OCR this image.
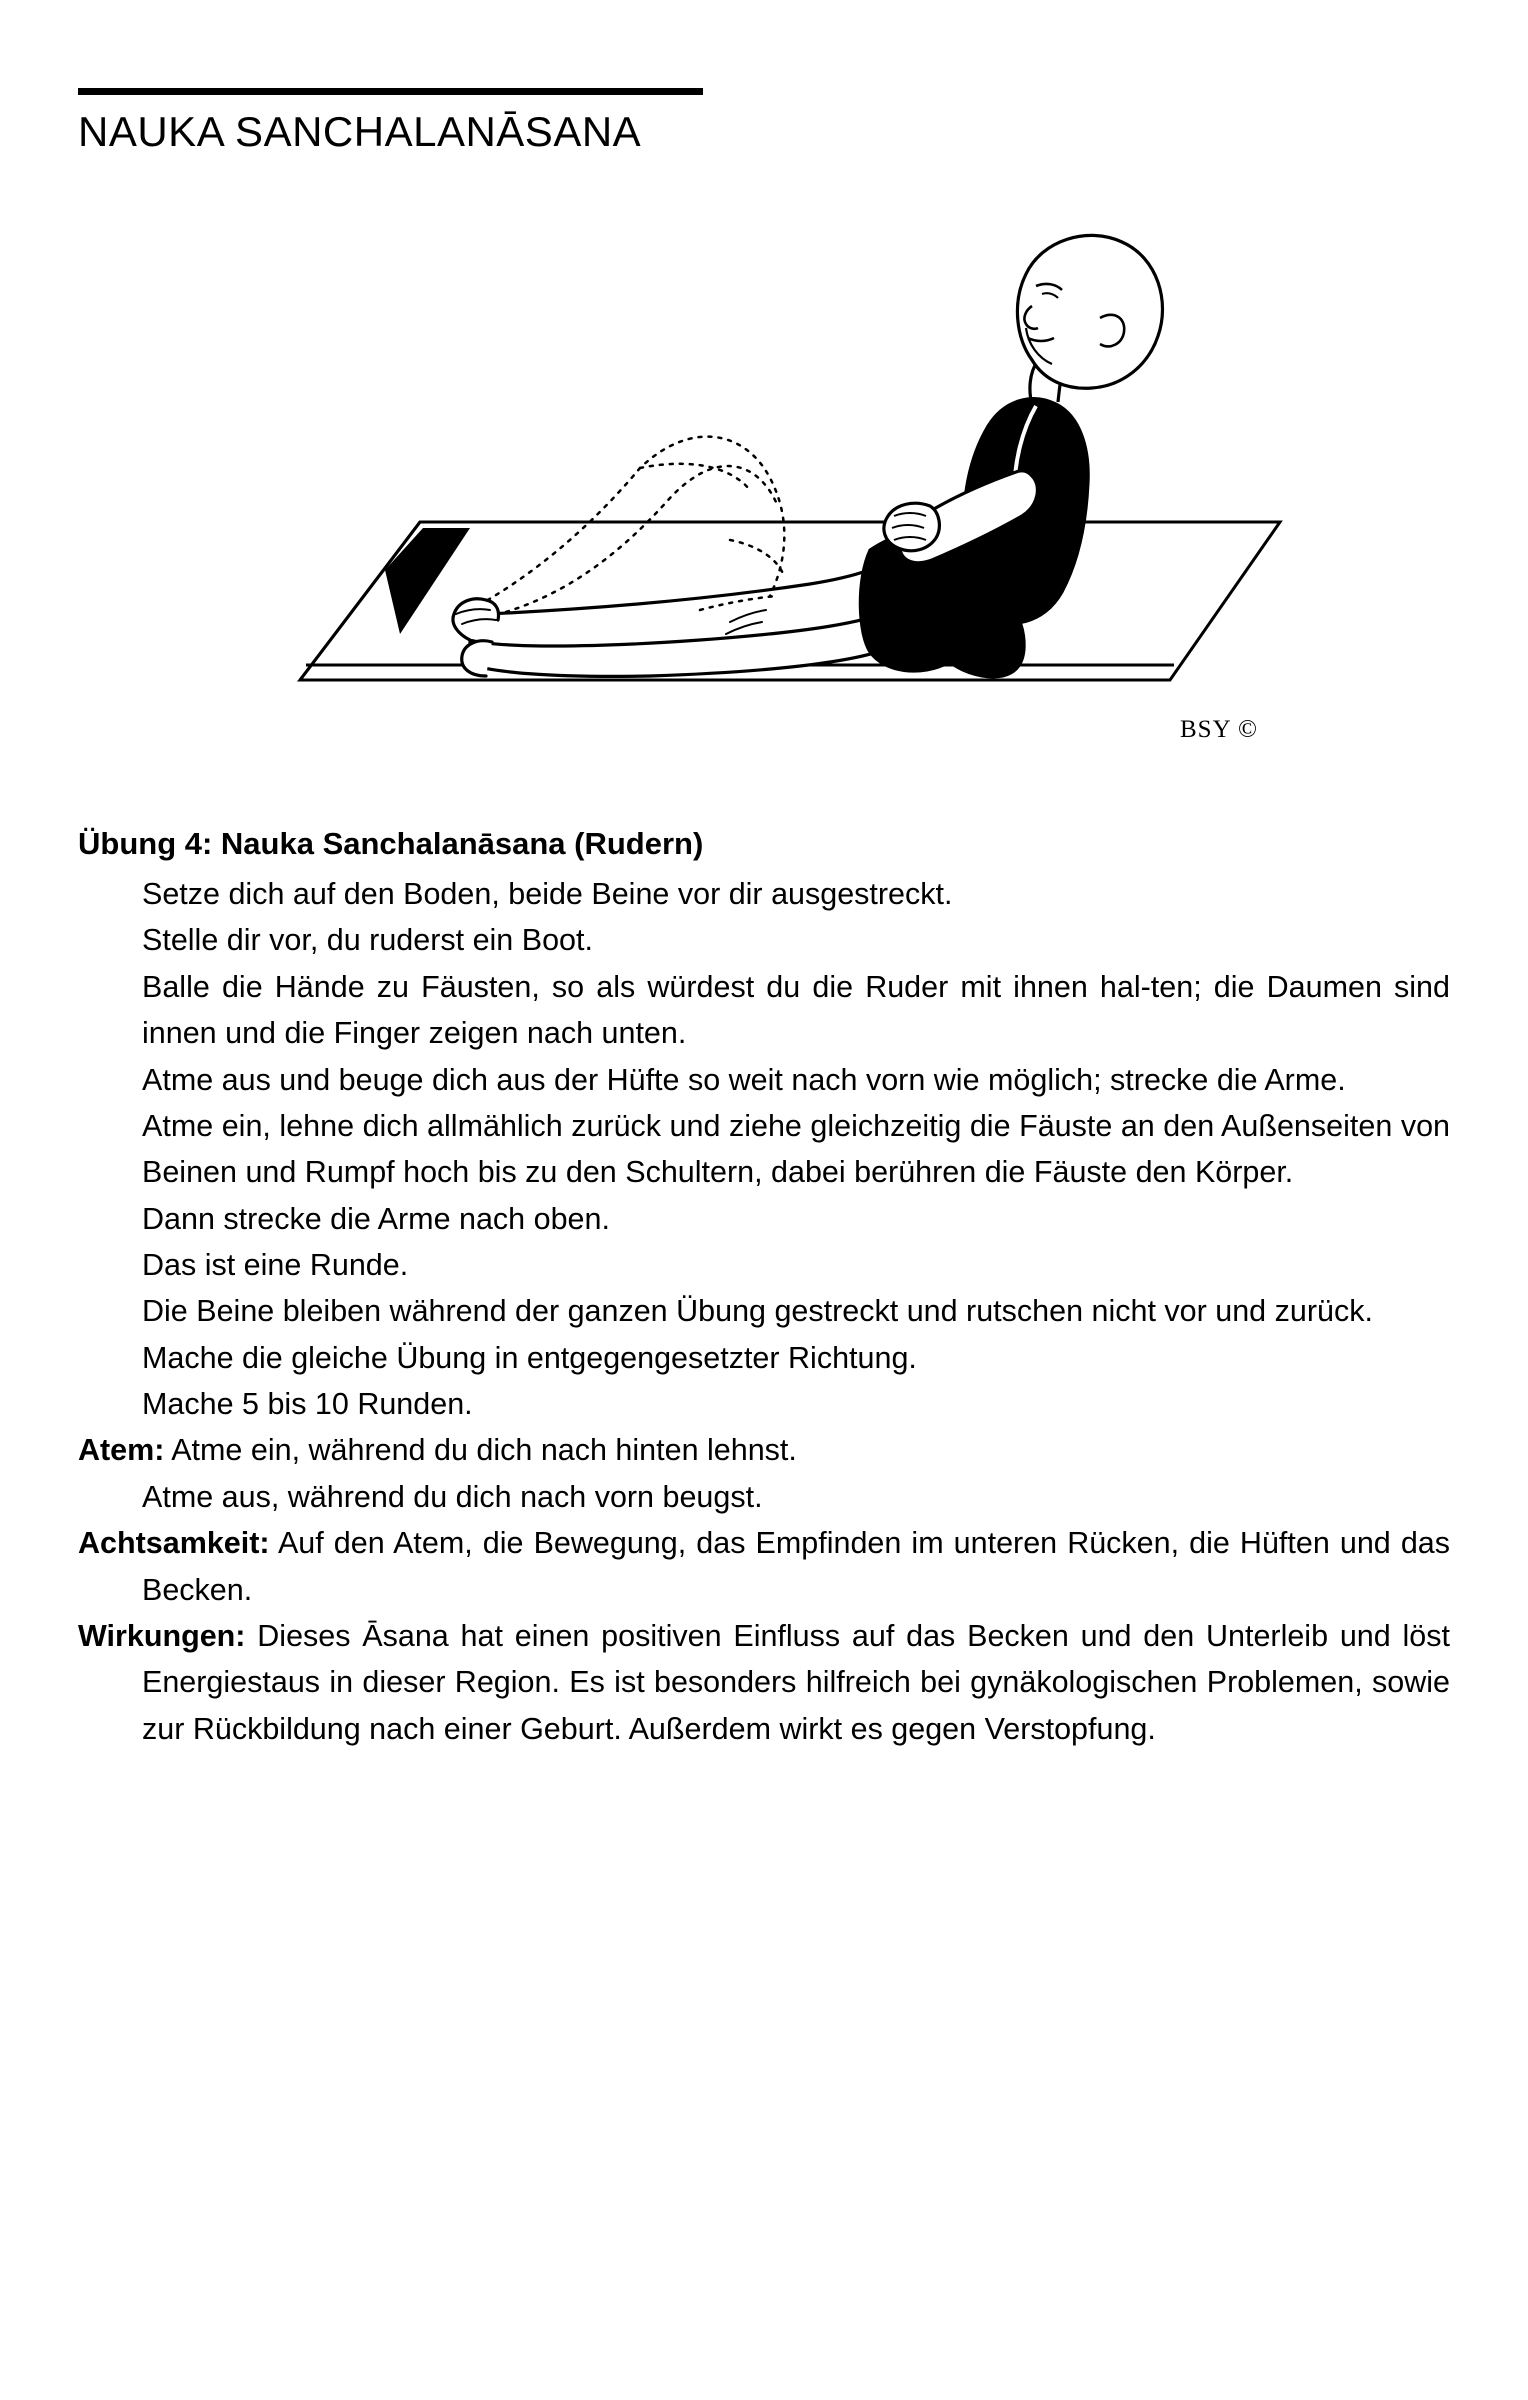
NAUKA SANCHALANĀSANA
BSY ©
Übung 4: Nauka Sanchalanāsana (Rudern)

Setze dich auf den Boden, beide Beine vor dir ausgestreckt.

Stelle dir vor, du ruderst ein Boot.

Balle die Hände zu Fäusten, so als würdest du die Ruder mit ihnen hal-ten; die Daumen sind innen und die Finger zeigen nach unten.

Atme aus und beuge dich aus der Hüfte so weit nach vorn wie möglich; strecke die Arme.

Atme ein, lehne dich allmählich zurück und ziehe gleichzeitig die Fäuste an den Außenseiten von Beinen und Rumpf hoch bis zu den Schultern, dabei berühren die Fäuste den Körper.

Dann strecke die Arme nach oben.

Das ist eine Runde.

Die Beine bleiben während der ganzen Übung gestreckt und rutschen nicht vor und zurück.

Mache die gleiche Übung in entgegengesetzter Richtung.

Mache 5 bis 10 Runden.

Atem: Atme ein, während du dich nach hinten lehnst.

Atme aus, während du dich nach vorn beugst.

Achtsamkeit: Auf den Atem, die Bewegung, das Empfinden im unteren Rücken, die Hüften und das Becken.

Wirkungen: Dieses Āsana hat einen positiven Einfluss auf das Becken und den Unterleib und löst Energiestaus in dieser Region. Es ist besonders hilfreich bei gynäkologischen Problemen, sowie zur Rückbildung nach einer Geburt. Außerdem wirkt es gegen Verstopfung.
